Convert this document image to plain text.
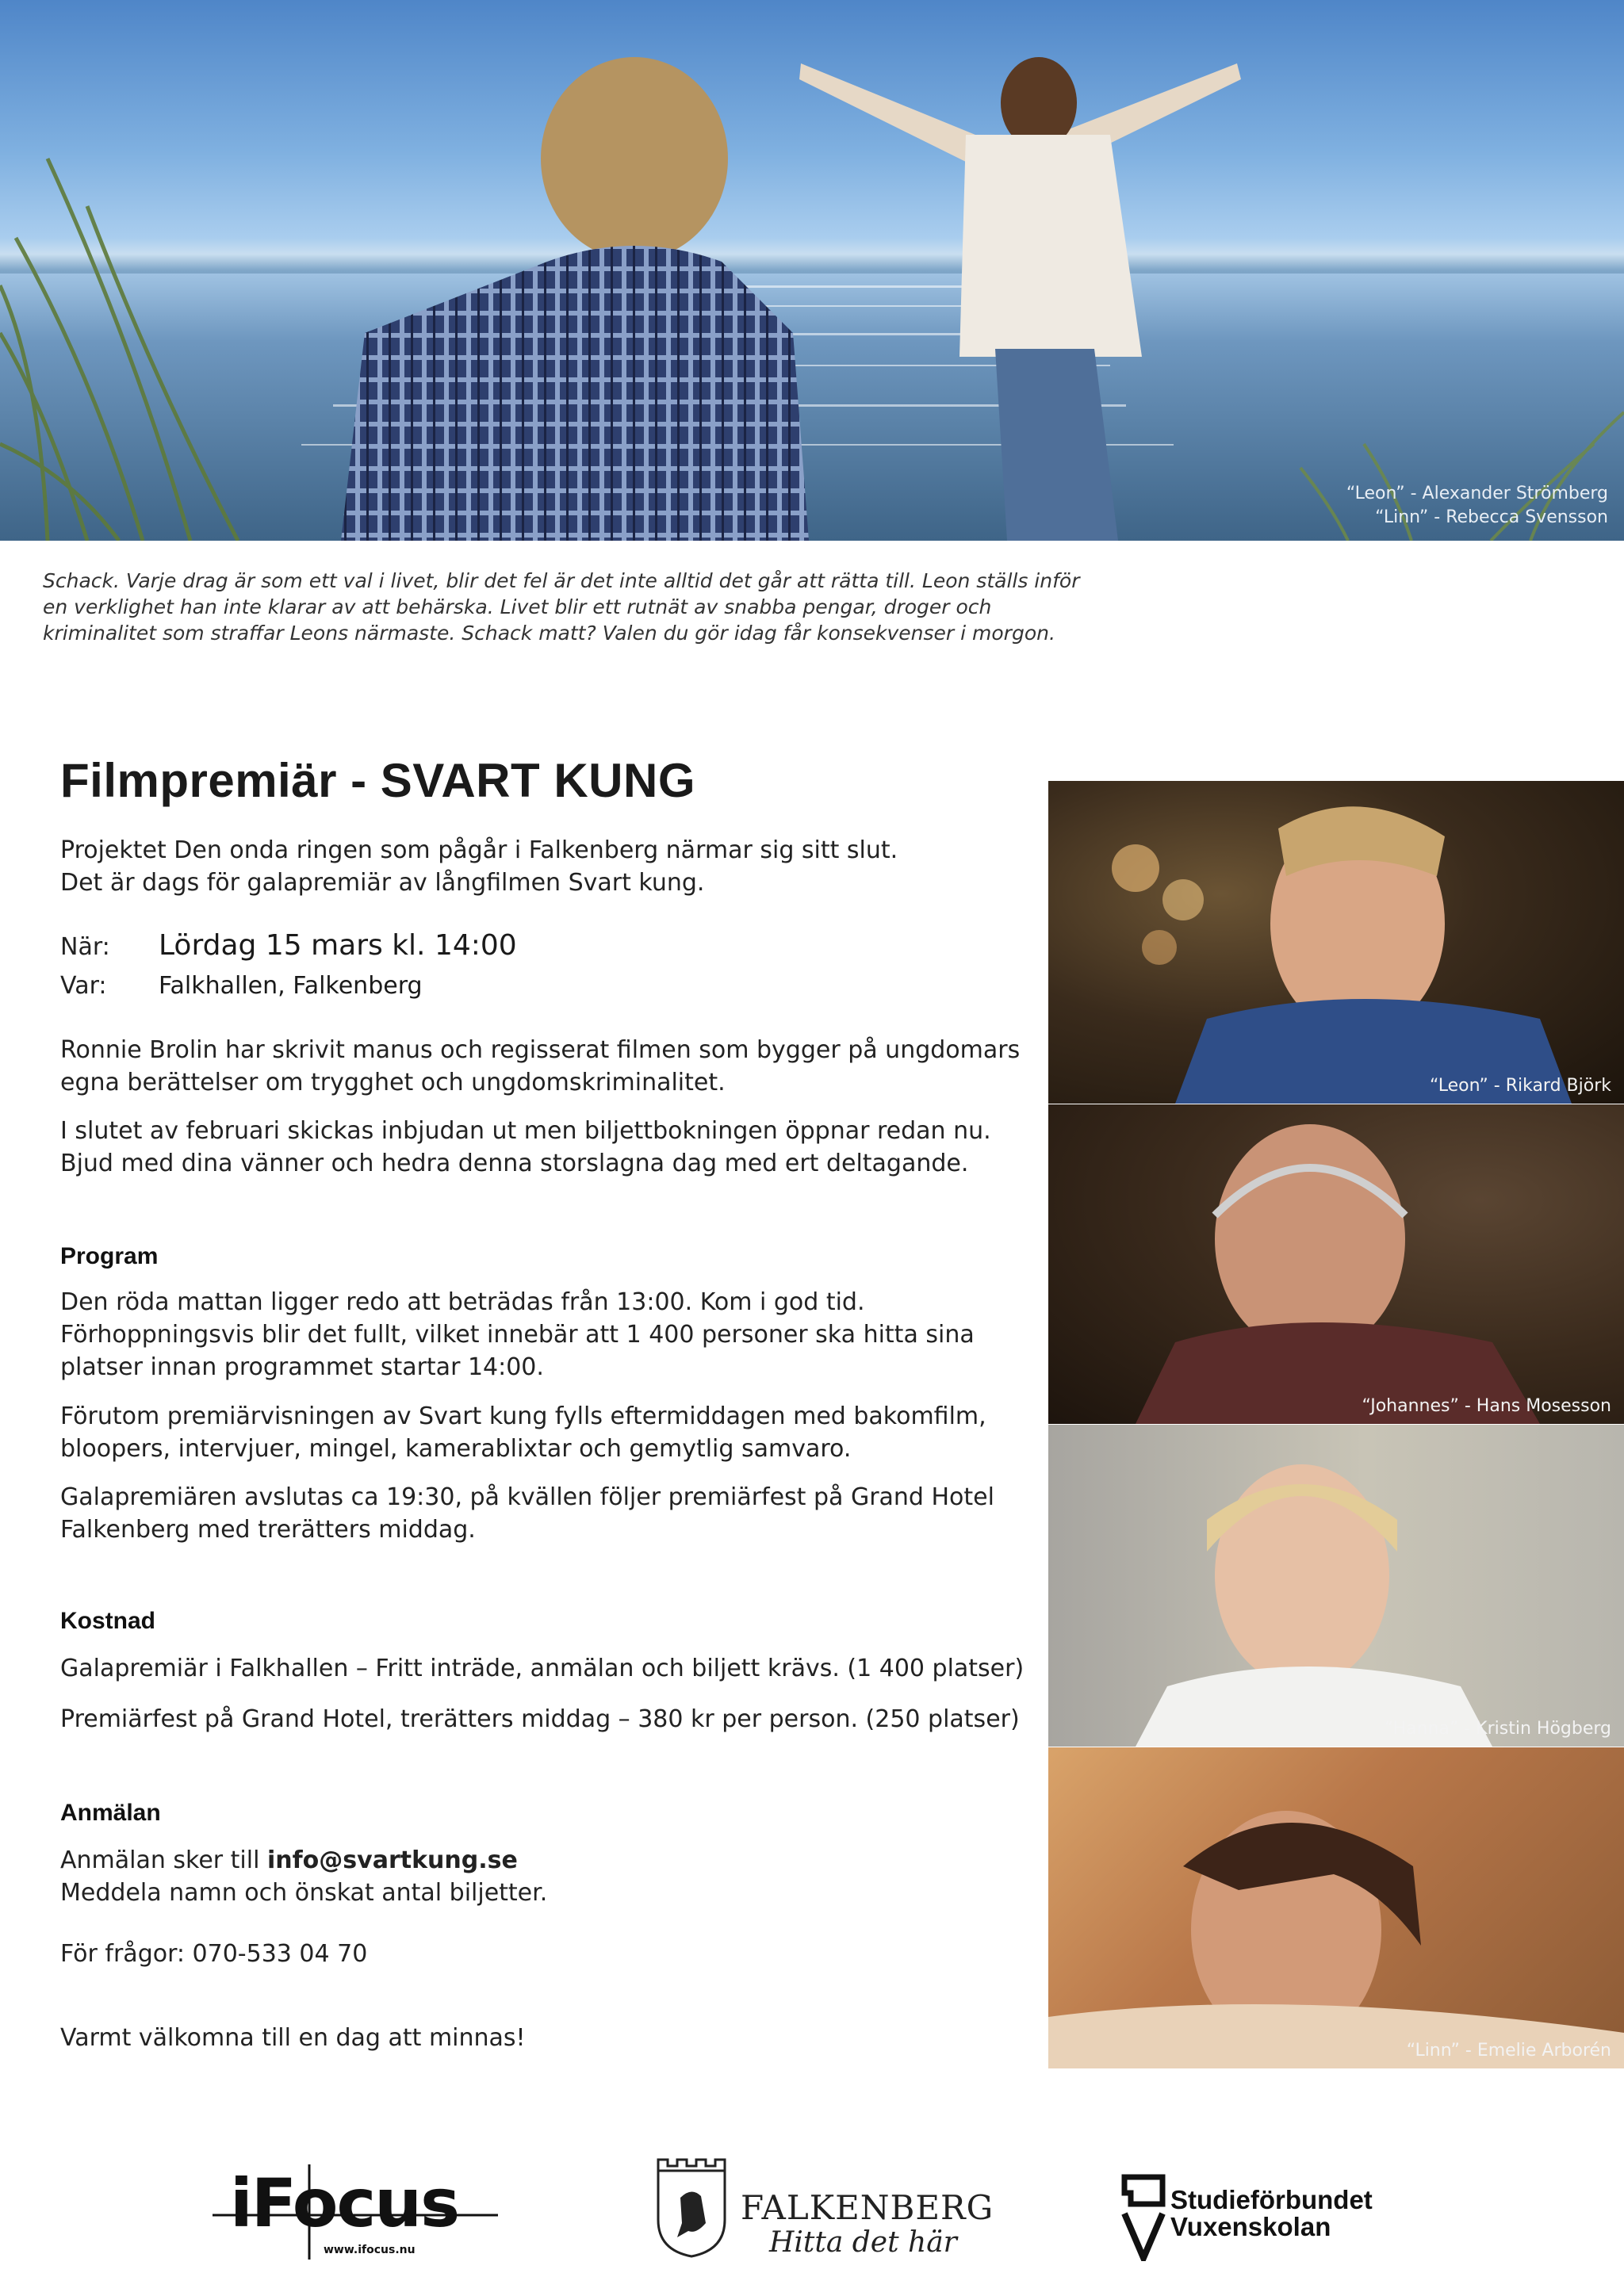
“Leon” - Alexander Strömberg
“Linn” - Rebecca Svensson
Schack. Varje drag är som ett val i livet, blir det fel är det inte alltid det går att rätta till. Leon ställs inför en verklighet han inte klarar av att behärska. Livet blir ett rutnät av snabba pengar, droger och kriminalitet som straffar Leons närmaste. Schack matt? Valen du gör idag får konsekvenser i morgon.
Filmpremiär - SVART KUNG
Projektet Den onda ringen som pågår i Falkenberg närmar sig sitt slut.
Det är dags för galapremiär av långfilmen Svart kung.
När:	Lördag 15 mars kl. 14:00
Var:	Falkhallen, Falkenberg
Ronnie Brolin har skrivit manus och regisserat filmen som bygger på ungdomars egna berättelser om trygghet och ungdomskriminalitet.
I slutet av februari skickas inbjudan ut men biljettbokningen öppnar redan nu. Bjud med dina vänner och hedra denna storslagna dag med ert deltagande.
Program
Den röda mattan ligger redo att beträdas från 13:00. Kom i god tid. Förhoppningsvis blir det fullt, vilket innebär att 1 400 personer ska hitta sina platser innan programmet startar 14:00.
Förutom premiärvisningen av Svart kung fylls eftermiddagen med bakomfilm, bloopers, intervjuer, mingel, kamerablixtar och gemytlig samvaro.
Galapremiären avslutas ca 19:30, på kvällen följer premiärfest på Grand Hotel Falkenberg med trerätters middag.
Kostnad
Galapremiär i Falkhallen – Fritt inträde, anmälan och biljett krävs. (1 400 platser)
Premiärfest på Grand Hotel, trerätters middag – 380 kr per person. (250 platser)
Anmälan
Anmälan sker till info@svartkung.se
Meddela namn och önskat antal biljetter.
För frågor: 070-533 04 70
Varmt välkomna till en dag att minnas!
“Leon” - Rikard Björk
“Johannes” - Hans Mosesson
“Hanna” - Kristin Högberg
“Linn” - Emelie Arborén
iFocus
www.ifocus.nu
FALKENBERG
Hitta det här
Studieförbundet
Vuxenskolan
